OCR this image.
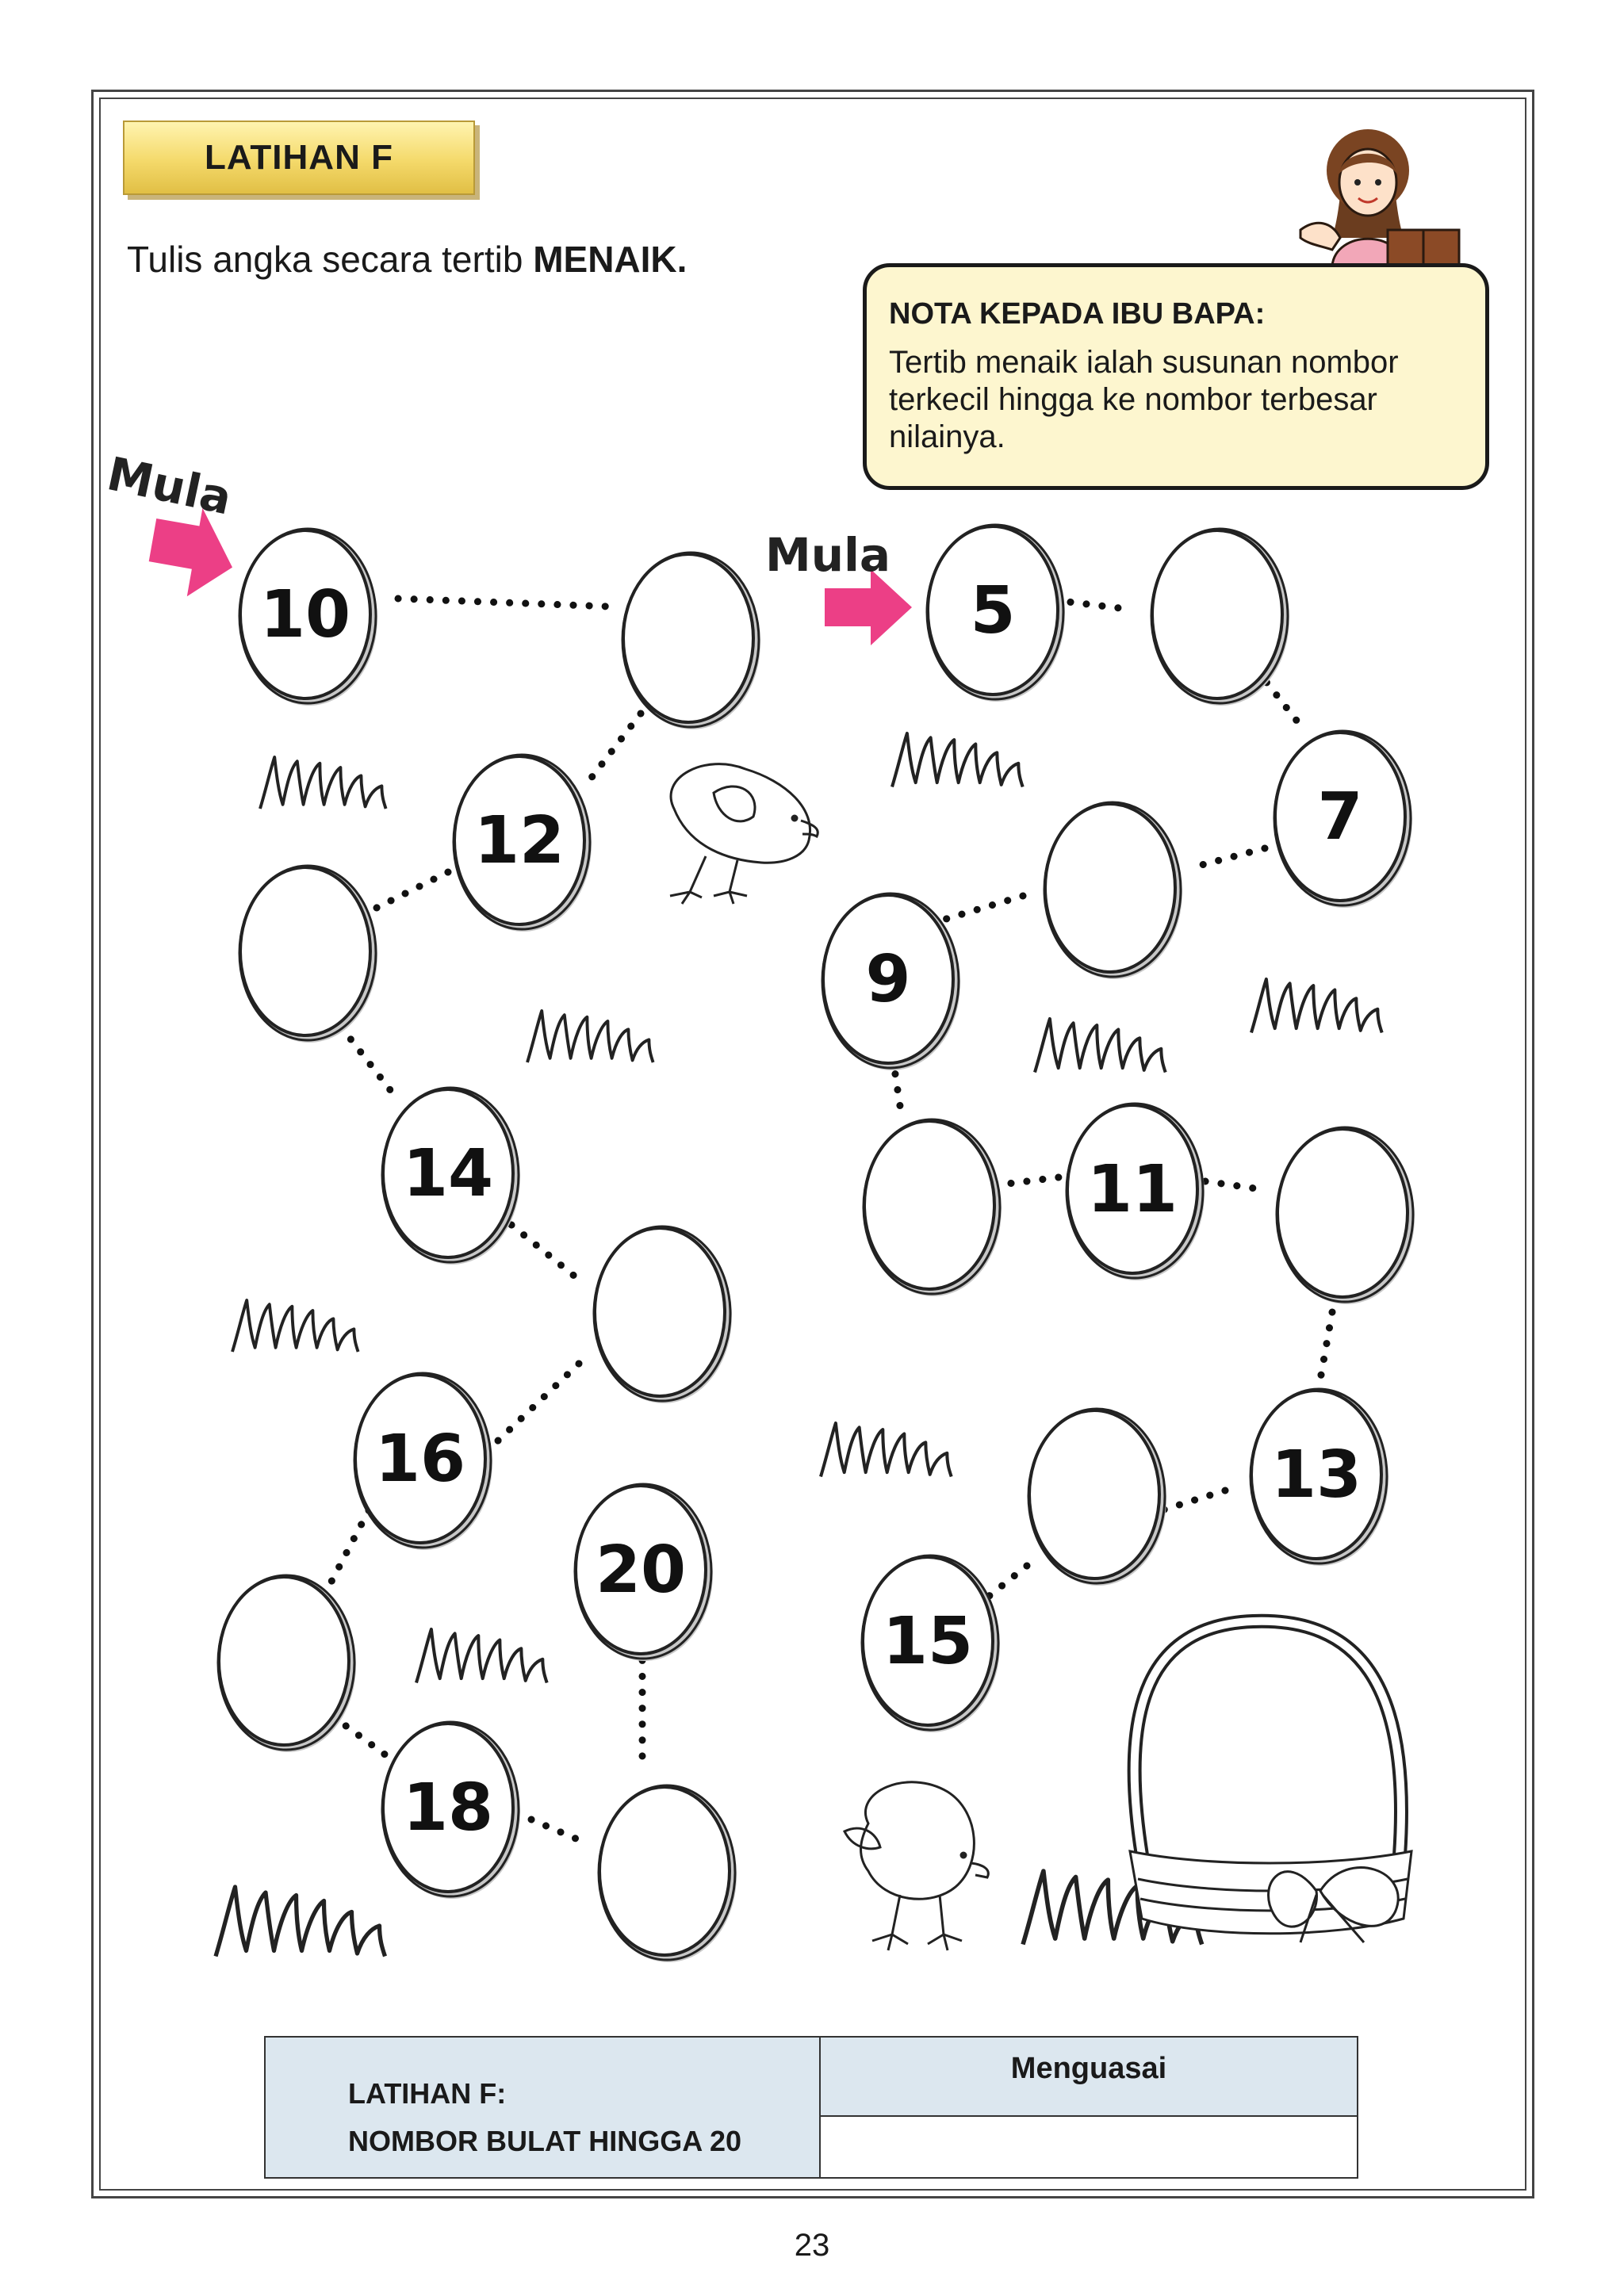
LATIHAN F
Tulis angka secara tertib MENAIK.
Mula
Mula
10
12
14
16
18
20
5
7
9
11
13
15
NOTA KEPADA IBU BAPA:
Tertib menaik ialah susunan nombor
terkecil hingga ke nombor terbesar
nilainya.
LATIHAN F:
NOMBOR BULAT HINGGA 20
Menguasai
23
